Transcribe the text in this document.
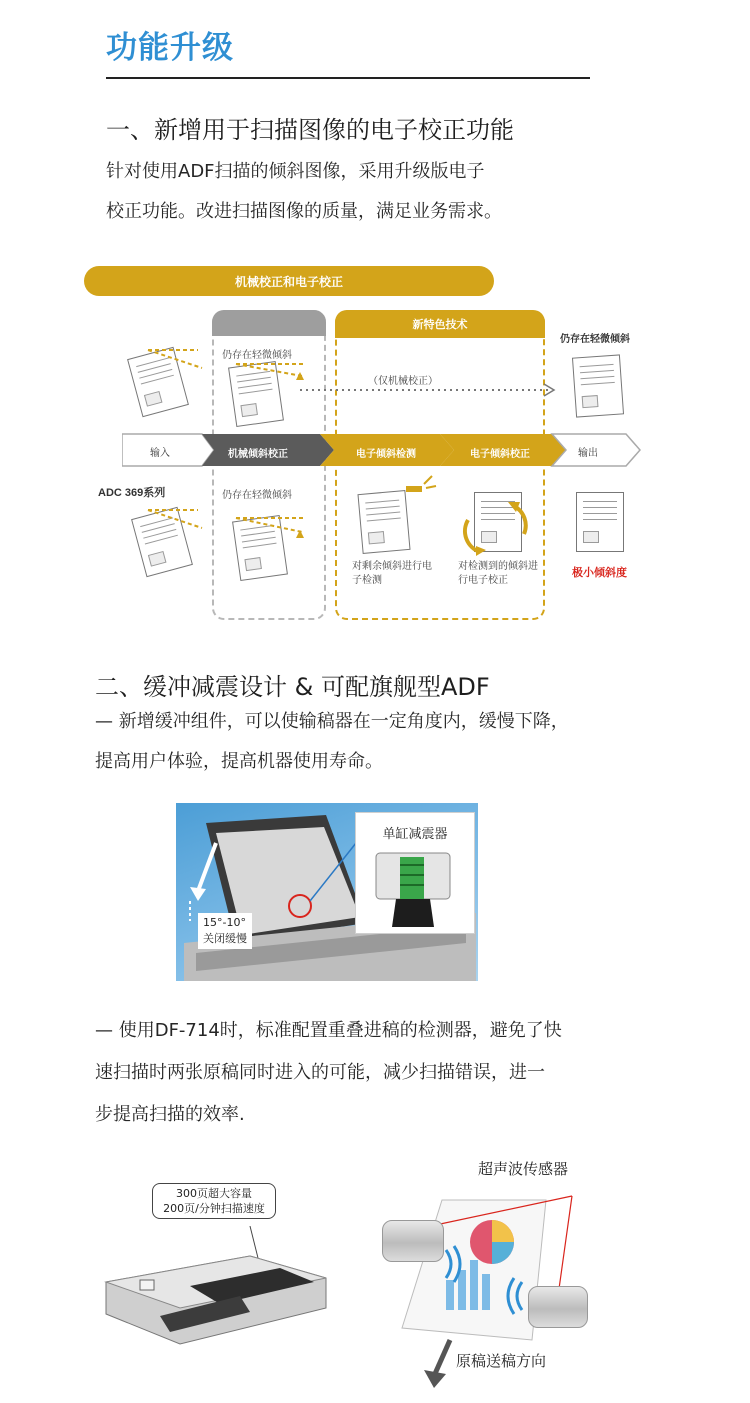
功能升级
一、新增用于扫描图像的电子校正功能
针对使用ADF扫描的倾斜图像，采用升级版电子
校正功能。改进扫描图像的质量，满足业务需求。
机械校正和电子校正
新特色技术
仍存在轻微倾斜
仍存在轻微倾斜
（仅机械校正）
仍存在轻微倾斜
ADC 369系列
输入	机械倾斜校正	电子倾斜检测	电子倾斜校正	输出
对剩余倾斜进行电
子检测
对检测到的倾斜进
行电子校正
极小倾斜度
二、缓冲减震设计 & 可配旗舰型ADF
— 新增缓冲组件，可以使输稿器在一定角度内，缓慢下降，
提高用户体验，提高机器使用寿命。
15°-10°
关闭缓慢
单缸减震器
— 使用DF-714时，标准配置重叠进稿的检测器，避免了快
速扫描时两张原稿同时进入的可能，减少扫描错误，进一
步提高扫描的效率.
300页超大容量
200页/分钟扫描速度
超声波传感器
原稿送稿方向
